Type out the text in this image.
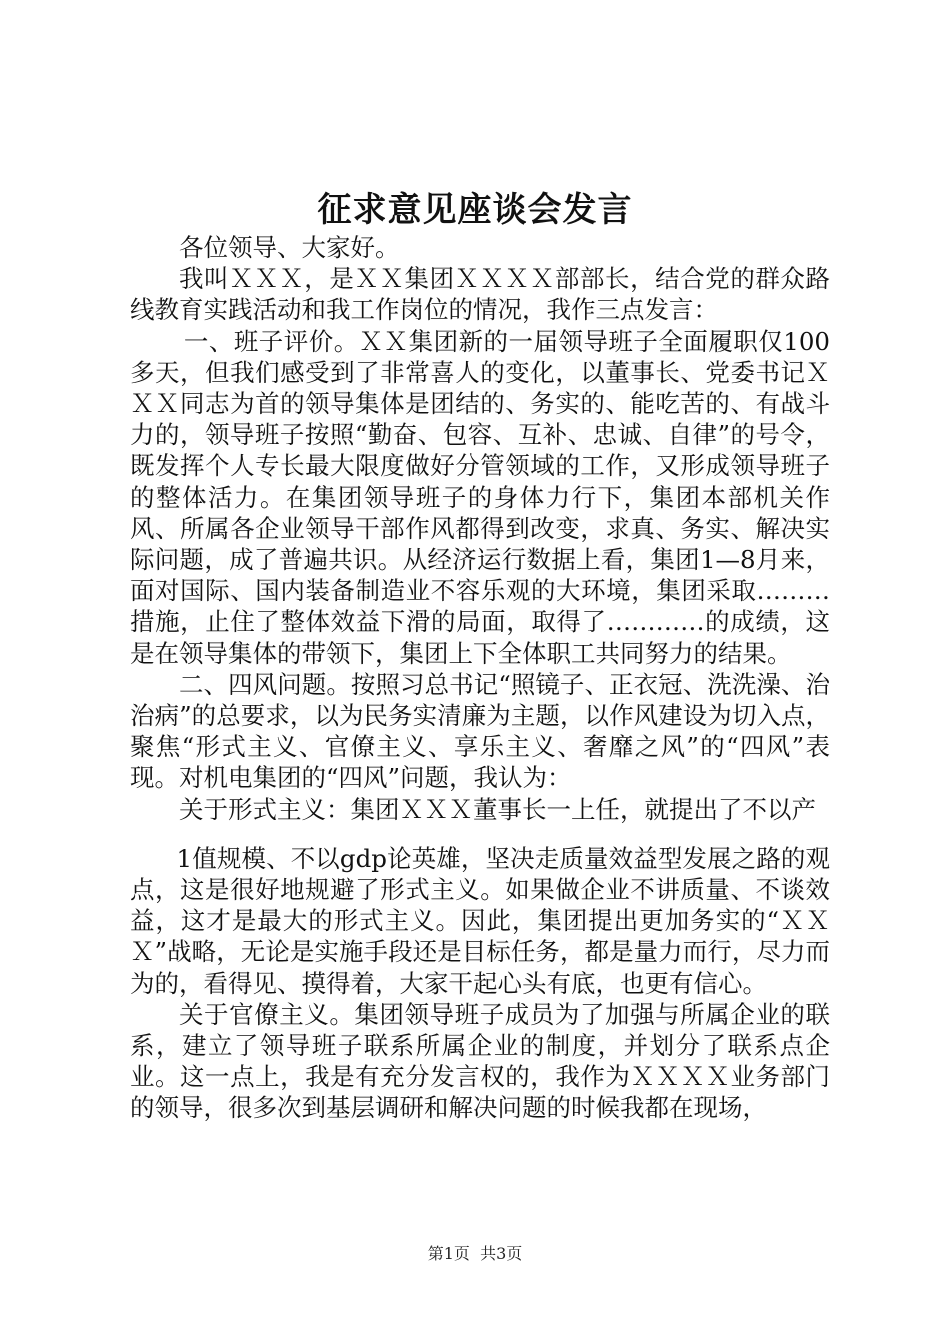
征求意见座谈会发言

各位领导、大家好。

我叫ＸＸＸ，是ＸＸ集团ＸＸＸＸ部部长，结合党的群众路线教育实践活动和我工作岗位的情况，我作三点发言：

一、班子评价。ＸＸ集团新的一届领导班子全面履职仅100多天，但我们感受到了非常喜人的变化，以董事长、党委书记ＸＸＸ同志为首的领导集体是团结的、务实的、能吃苦的、有战斗力的，领导班子按照“勤奋、包容、互补、忠诚、自律”的号令，既发挥个人专长最大限度做好分管领域的工作，又形成领导班子的整体活力。在集团领导班子的身体力行下，集团本部机关作风、所属各企业领导干部作风都得到改变，求真、务实、解决实际问题，成了普遍共识。从经济运行数据上看，集团1—8月来，面对国际、国内装备制造业不容乐观的大环境，集团采取………措施，止住了整体效益下滑的局面，取得了…………的成绩，这是在领导集体的带领下，集团上下全体职工共同努力的结果。

二、四风问题。按照习总书记“照镜子、正衣冠、洗洗澡、治治病”的总要求，以为民务实清廉为主题，以作风建设为切入点，聚焦“形式主义、官僚主义、享乐主义、奢靡之风”的“四风”表现。对机电集团的“四风”问题，我认为：

关于形式主义：集团ＸＸＸ董事长一上任，就提出了不以产

1值规模、不以gdp论英雄，坚决走质量效益型发展之路的观点，这是很好地规避了形式主义。如果做企业不讲质量、不谈效益，这才是最大的形式主义。因此，集团提出更加务实的“ＸＸＸ”战略，无论是实施手段还是目标任务，都是量力而行，尽力而为的，看得见、摸得着，大家干起心头有底，也更有信心。

关于官僚主义。集团领导班子成员为了加强与所属企业的联系，建立了领导班子联系所属企业的制度，并划分了联系点企业。这一点上，我是有充分发言权的，我作为ＸＸＸＸ业务部门的领导，很多次到基层调研和解决问题的时候我都在现场，

第1页  共3页
